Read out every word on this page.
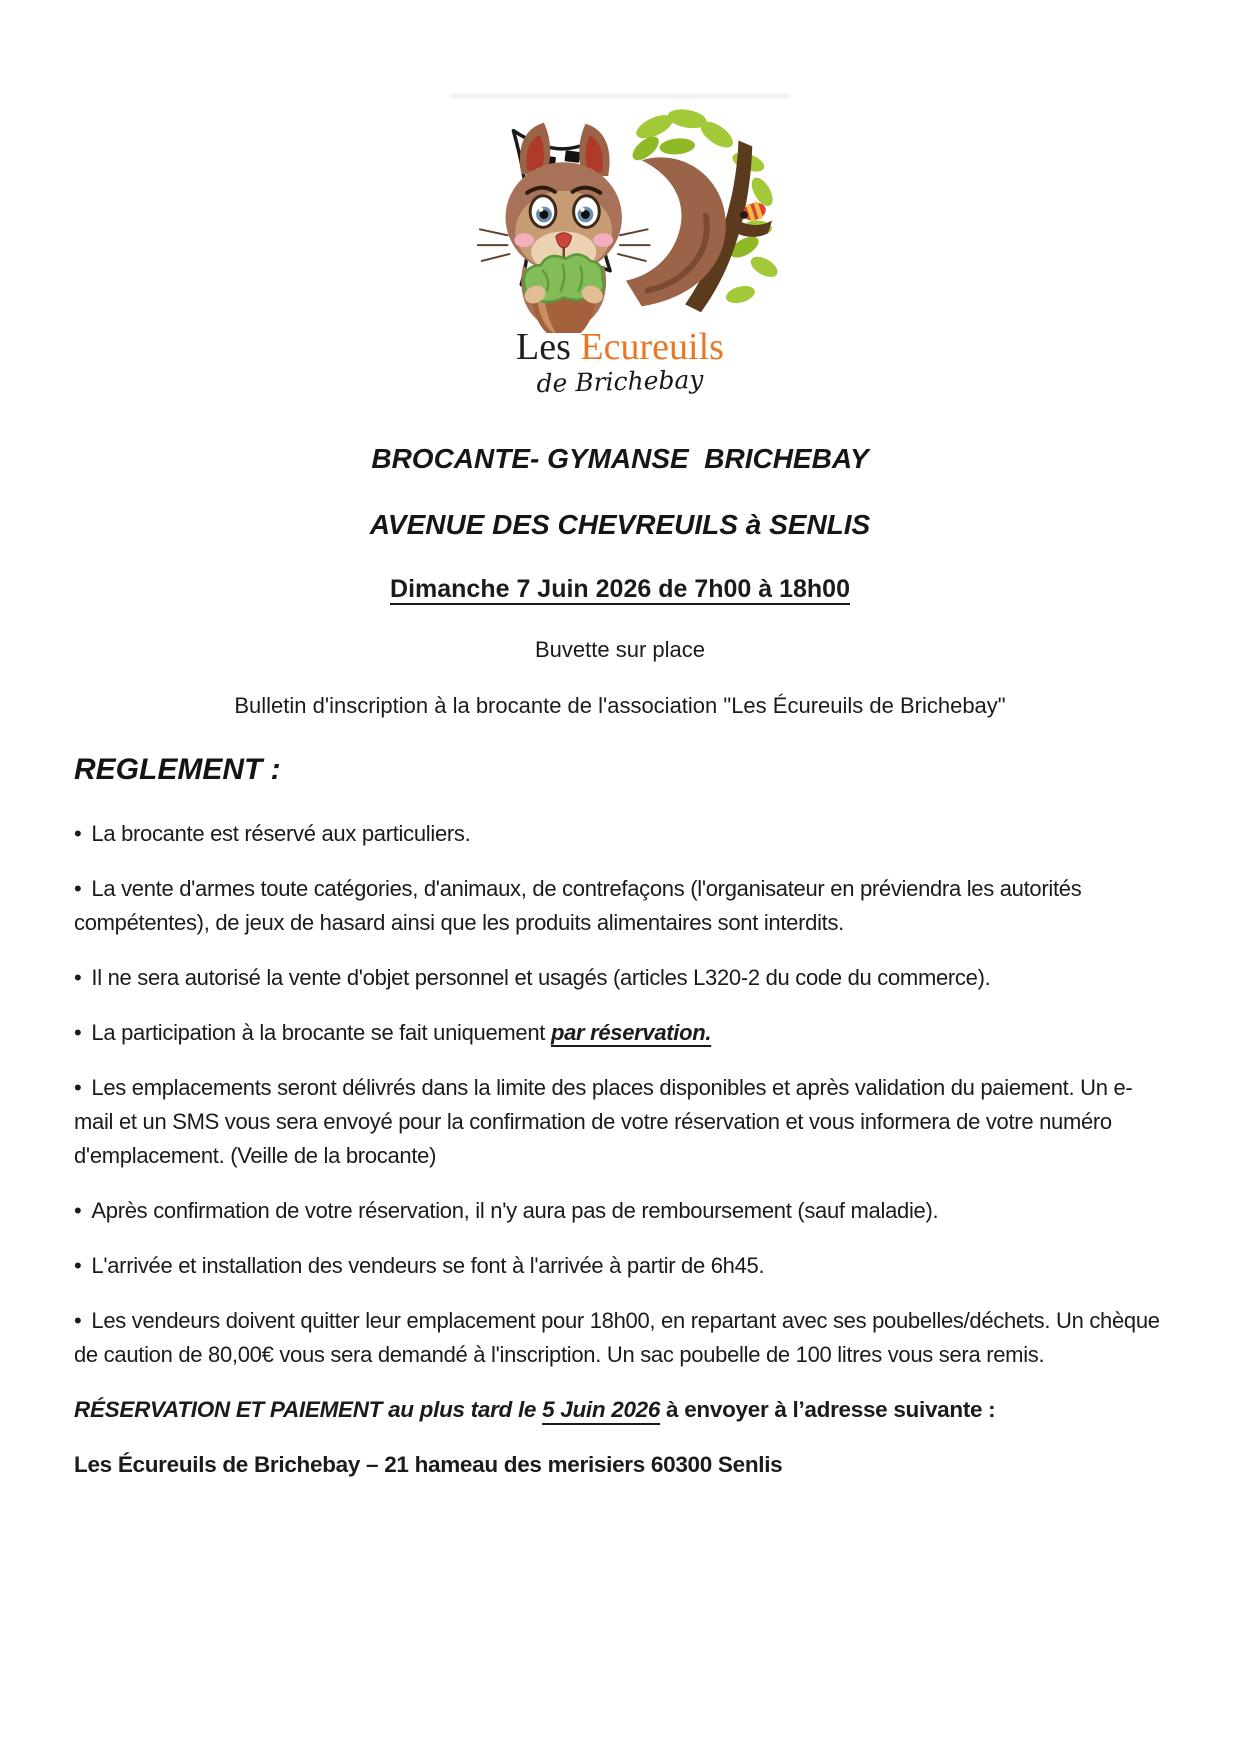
Les Ecureuils
de Brichebay

BROCANTE- GYMANSE  BRICHEBAY

AVENUE DES CHEVREUILS à SENLIS

Dimanche 7 Juin 2026 de 7h00 à 18h00

Buvette sur place

Bulletin d'inscription à la brocante de l'association "Les Écureuils de Brichebay"

REGLEMENT :

• La brocante est réservé aux particuliers.

• La vente d'armes toute catégories, d'animaux, de contrefaçons (l'organisateur en préviendra les autorités compétentes), de jeux de hasard ainsi que les produits alimentaires sont interdits.

• Il ne sera autorisé la vente d'objet personnel et usagés (articles L320-2 du code du commerce).

• La participation à la brocante se fait uniquement par réservation.

• Les emplacements seront délivrés dans la limite des places disponibles et après validation du paiement. Un e-mail et un SMS vous sera envoyé pour la confirmation de votre réservation et vous informera de votre numéro d'emplacement. (Veille de la brocante)

• Après confirmation de votre réservation, il n'y aura pas de remboursement (sauf maladie).

• L'arrivée et installation des vendeurs se font à l'arrivée à partir de 6h45.

• Les vendeurs doivent quitter leur emplacement pour 18h00, en repartant avec ses poubelles/déchets. Un chèque de caution de 80,00€ vous sera demandé à l'inscription. Un sac poubelle de 100 litres vous sera remis.

RÉSERVATION ET PAIEMENT au plus tard le 5 Juin 2026 à envoyer à l’adresse suivante :

Les Écureuils de Brichebay – 21 hameau des merisiers 60300 Senlis
